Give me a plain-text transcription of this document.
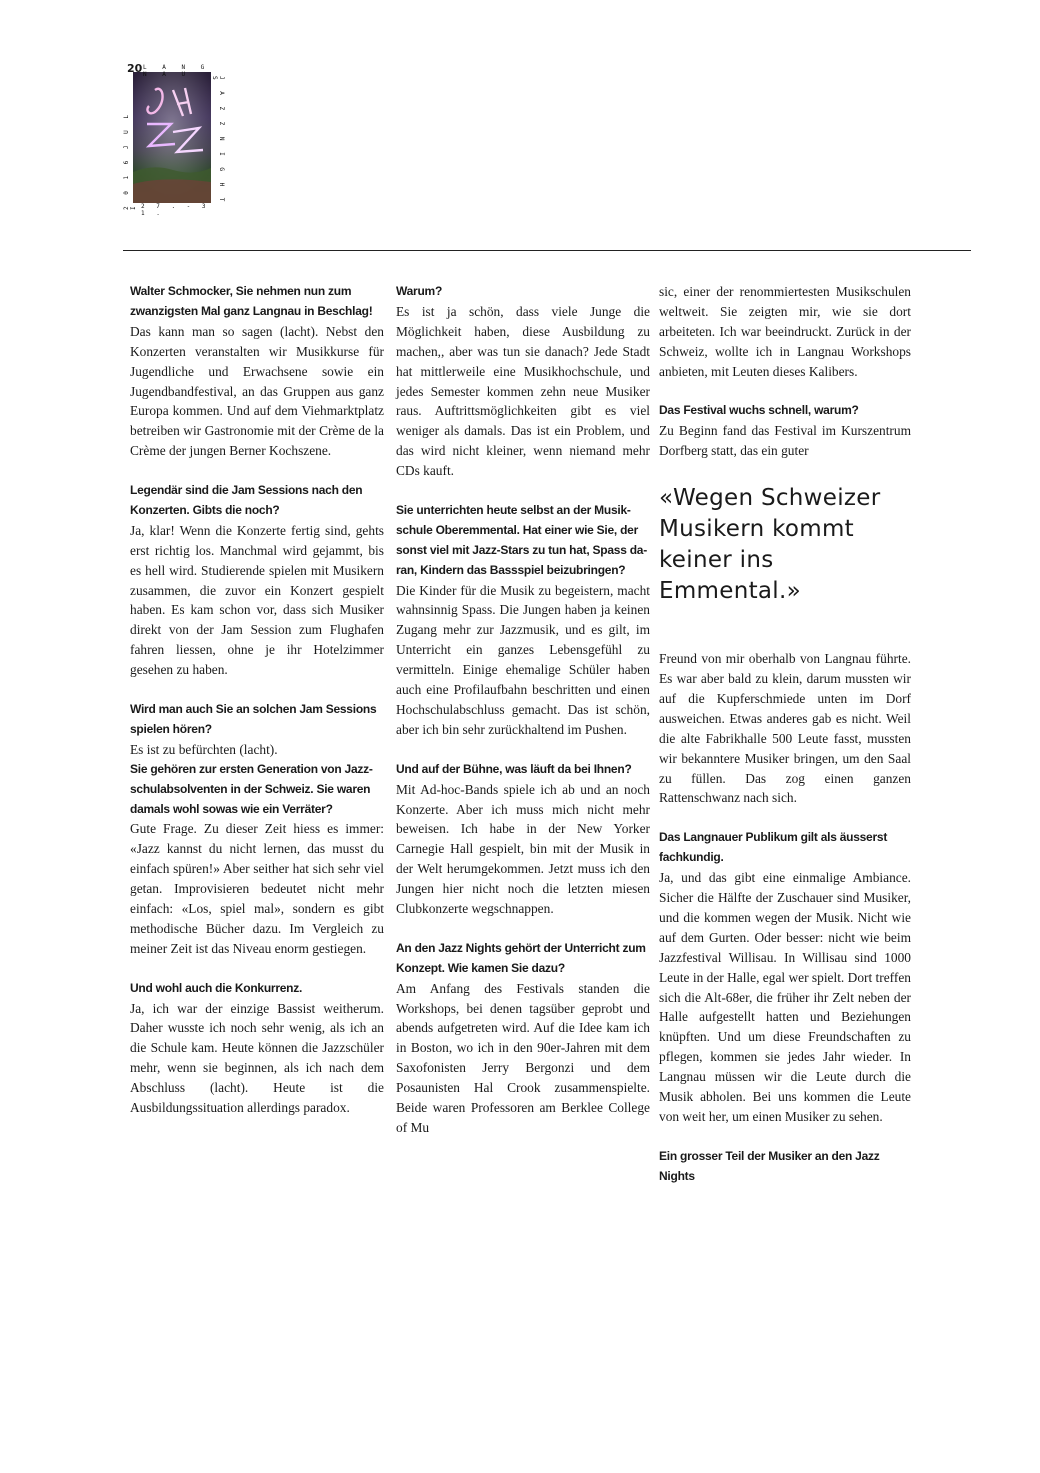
L A N G N A U
J A Z Z N I G H T S
2 0 1 6 J U L I 2 7 . - 3 1 .
20

Walter Schmocker, Sie nehmen nun zum zwanzigsten Mal ganz Langnau in Beschlag!

Das kann man so sagen (lacht). Nebst den Konzerten veranstalten wir Musikkurse für Jugendliche und Erwachsene sowie ein Jugendbandfestival, an das Gruppen aus ganz Europa kommen. Und auf dem Viehmarktplatz betreiben wir Gastronomie mit der Crème de la Crème der jungen Berner Kochszene.

Legendär sind die Jam Sessions nach den Konzerten. Gibts die noch?

Ja, klar! Wenn die Konzerte fertig sind, gehts erst richtig los. Manchmal wird gejammt, bis es hell wird. Studierende spielen mit Musikern zusammen, die zuvor ein Konzert gespielt haben. Es kam schon vor, dass sich Musiker direkt von der Jam Session zum Flughafen fahren liessen, ohne je ihr Hotelzimmer gesehen zu haben.

Wird man auch Sie an solchen Jam Sessions spielen hören?

Es ist zu befürchten (lacht).

Sie gehören zur ersten Generation von Jazzschulabsolventen in der Schweiz. Sie waren damals wohl sowas wie ein Verräter?

Gute Frage. Zu dieser Zeit hiess es immer: «Jazz kannst du nicht lernen, das musst du einfach spüren!» Aber seither hat sich sehr viel getan. Improvisieren bedeutet nicht mehr einfach: «Los, spiel mal», sondern es gibt methodische Bücher dazu. Im Vergleich zu meiner Zeit ist das Niveau enorm gestiegen.

Und wohl auch die Konkurrenz.

Ja, ich war der einzige Bassist weitherum. Daher wusste ich noch sehr wenig, als ich an die Schule kam. Heute können die Jazzschüler mehr, wenn sie beginnen, als ich nach dem Abschluss (lacht). Heute ist die Ausbildungssituation allerdings paradox.

Warum?

Es ist ja schön, dass viele Junge die Möglichkeit haben, diese Ausbildung zu machen,, aber was tun sie danach? Jede Stadt hat mittlerweile eine Musikhochschule, und jedes Semester kommen zehn neue Musiker raus. Auftrittsmöglichkeiten gibt es viel weniger als damals. Das ist ein Problem, und das wird nicht kleiner, wenn niemand mehr CDs kauft.

Sie unterrichten heute selbst an der Musikschule Oberemmental. Hat einer wie Sie, der sonst viel mit Jazz-Stars zu tun hat, Spass daran, Kindern das Bassspiel beizubringen?

Die Kinder für die Musik zu begeistern, macht wahnsinnig Spass. Die Jungen haben ja keinen Zugang mehr zur Jazzmusik, und es gilt, im Unterricht ein ganzes Lebensgefühl zu vermitteln. Einige ehemalige Schüler haben auch eine Profilaufbahn beschritten und einen Hochschulabschluss gemacht. Das ist schön, aber ich bin sehr zurückhaltend im Pushen.

Und auf der Bühne, was läuft da bei Ihnen?

Mit Ad-hoc-Bands spiele ich ab und an noch Konzerte. Aber ich muss mich nicht mehr beweisen. Ich habe in der New Yorker Carnegie Hall gespielt, bin mit der Musik in der Welt herumgekommen. Jetzt muss ich den Jungen hier nicht noch die letzten miesen Clubkonzerte wegschnappen.

An den Jazz Nights gehört der Unterricht zum Konzept. Wie kamen Sie dazu?

Am Anfang des Festivals standen die Workshops, bei denen tagsüber geprobt und abends aufgetreten wird. Auf die Idee kam ich in Boston, wo ich in den 90er-Jahren mit dem Saxofonisten Jerry Bergonzi und dem Posaunisten Hal Crook zusammenspielte. Beide waren Professoren am Berklee College of Mu

sic, einer der renommiertesten Musikschulen weltweit. Sie zeigten mir, wie sie dort arbeiteten. Ich war beeindruckt. Zurück in der Schweiz, wollte ich in Langnau Workshops anbieten, mit Leuten dieses Kalibers.

Das Festival wuchs schnell, warum?

Zu Beginn fand das Festival im Kurszentrum Dorfberg statt, das ein guter

«Wegen Schweizer Musikern kommt keiner ins Emmental.»

Freund von mir oberhalb von Langnau führte. Es war aber bald zu klein, darum mussten wir auf die Kupferschmiede unten im Dorf ausweichen. Etwas anderes gab es nicht. Weil die alte Fabrikhalle 500 Leute fasst, mussten wir bekanntere Musiker bringen, um den Saal zu füllen. Das zog einen ganzen Rattenschwanz nach sich.

Das Langnauer Publikum gilt als äusserst fachkundig.

Ja, und das gibt eine einmalige Ambiance. Sicher die Hälfte der Zuschauer sind Musiker, und die kommen wegen der Musik. Nicht wie auf dem Gurten. Oder besser: nicht wie beim Jazzfestival Willisau. In Willisau sind 1000 Leute in der Halle, egal wer spielt. Dort treffen sich die Alt-68er, die früher ihr Zelt neben der Halle aufgestellt hatten und Beziehungen knüpften. Und um diese Freundschaften zu pflegen, kommen sie jedes Jahr wieder. In Langnau müssen wir die Leute durch die Musik abholen. Bei uns kommen die Leute von weit her, um einen Musiker zu sehen.

Ein grosser Teil der Musiker an den Jazz Nights
